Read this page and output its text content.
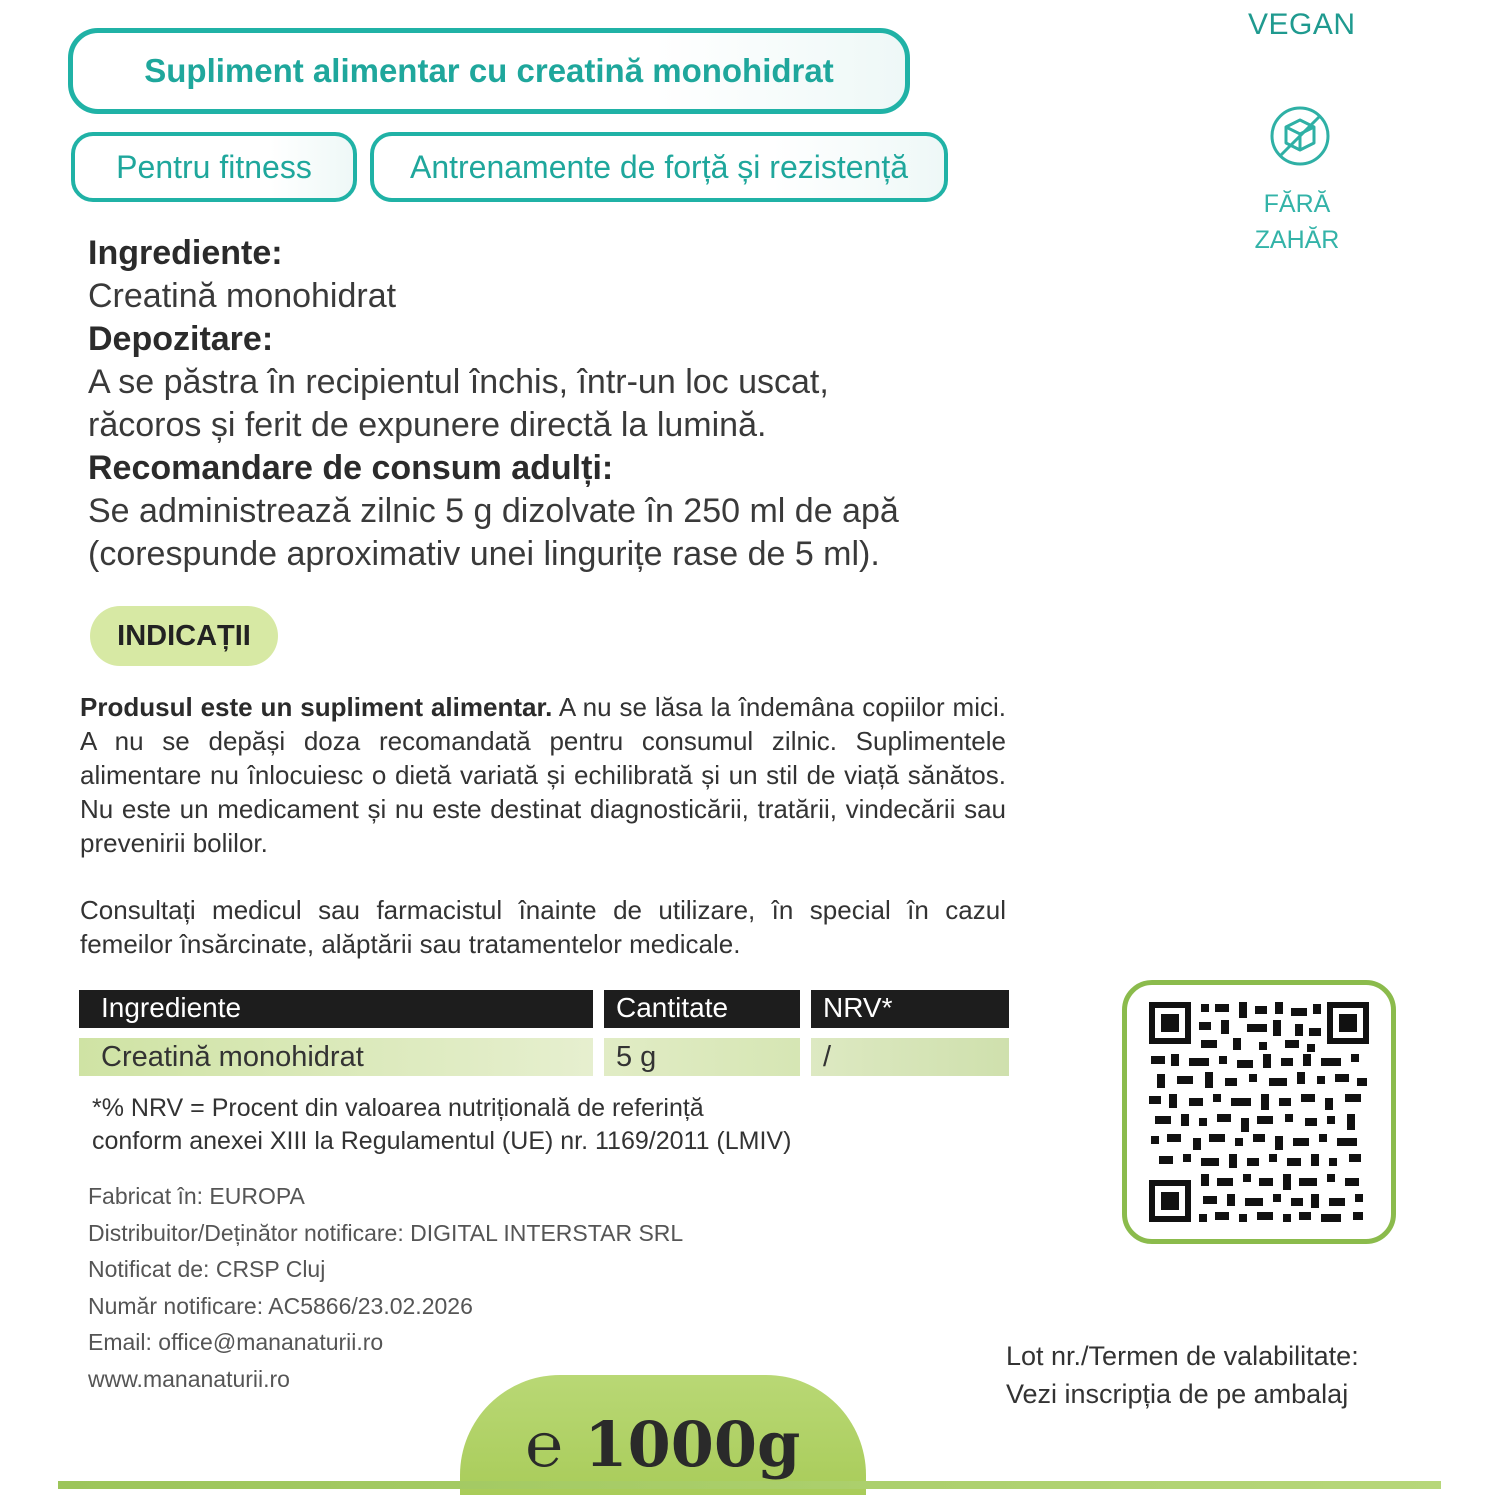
Supliment alimentar cu creatină monohidrat
Pentru fitness	Antrenamente de forță și rezistență
VEGAN
FĂRĂ
ZAHĂR
Ingrediente:
Creatină monohidrat
Depozitare:
A se păstra în recipientul închis, într-un loc uscat,
răcoros și ferit de expunere directă la lumină.
Recomandare de consum adulți:
Se administrează zilnic 5 g dizolvate în 250 ml de apă
(corespunde aproximativ unei lingurițe rase de 5 ml).
INDICAȚII
Produsul este un supliment alimentar. A nu se lăsa la îndemâna copiilor mici. A nu se depăși doza recomandată pentru consumul zilnic. Suplimentele alimentare nu înlocuiesc o dietă variată și echilibrată și un stil de viață sănătos. Nu este un medicament și nu este destinat diagnosticării, tratării, vindecării sau prevenirii bolilor.
Consultați medicul sau farmacistul înainte de utilizare, în special în cazul femeilor însărcinate, alăptării sau tratamentelor medicale.
Ingrediente	Cantitate	NRV*
Creatină monohidrat	5 g	/
*% NRV = Procent din valoarea nutrițională de referință
conform anexei XIII la Regulamentul (UE) nr. 1169/2011 (LMIV)
Fabricat în: EUROPA
Distribuitor/Deținător notificare: DIGITAL INTERSTAR SRL
Notificat de: CRSP Cluj
Număr notificare: AC5866/23.02.2026
Email: office@mananaturii.ro
www.mananaturii.ro
Lot nr./Termen de valabilitate:
Vezi inscripția de pe ambalaj
℮ 1000g
